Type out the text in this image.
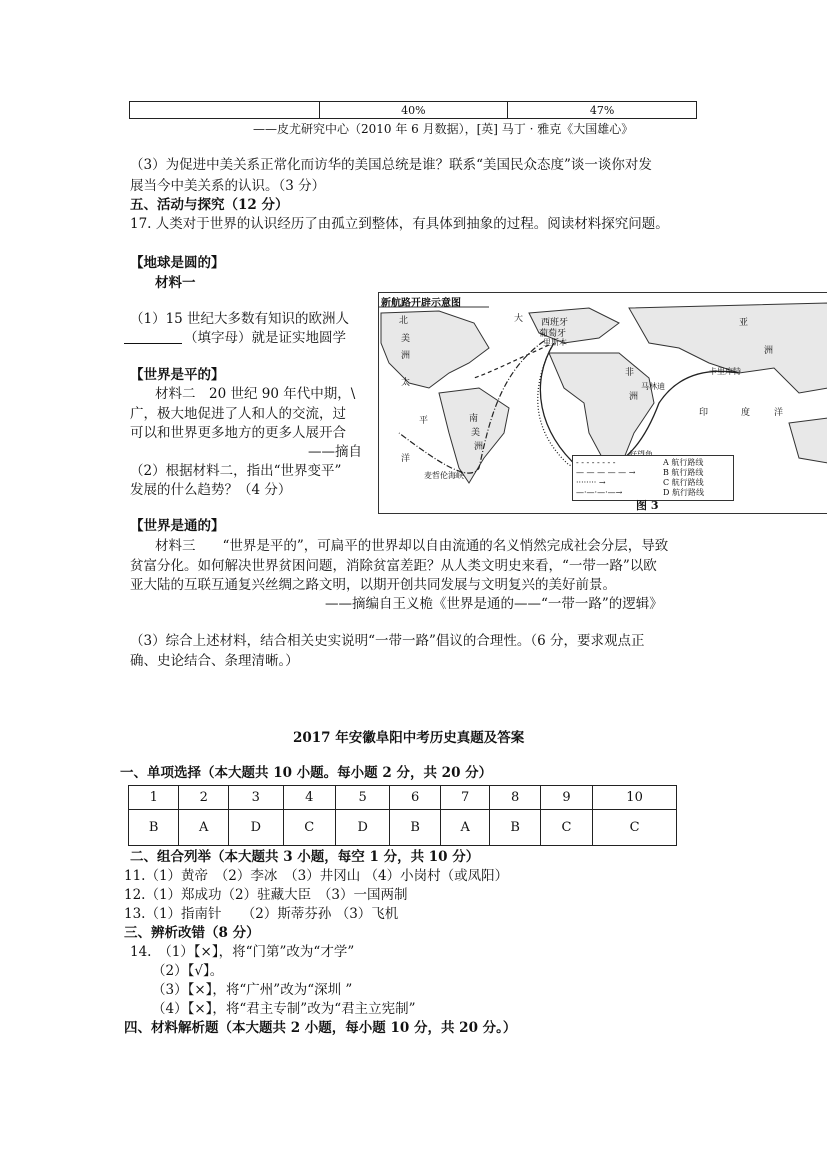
	40%	47%
——皮尤研究中心（2010 年 6 月数据），[英] 马丁 · 雅克《大国雄心》
（3）为促进中美关系正常化而访华的美国总统是谁？联系“美国民众态度”谈一谈你对发
展当今中美关系的认识。（3 分）
五、活动与探究（12 分）
17. 人类对于世界的认识经历了由孤立到整体，有具体到抽象的过程。阅读材料探究问题。
【地球是圆的】
材料一
（1）15 世纪大多数有知识的欧洲人
（填字母）就是证实地圆学
【世界是平的】
材料二　20 世纪 90 年代中期，\
广，极大地促进了人和人的交流，过
可以和世界更多地方的更多人展开合
——摘自
（2）根据材料二，指出“世界变平”
发展的什么趋势？（4 分）
新航路开辟示意图
北	大
美
洲
西班牙
葡萄牙
里斯本
非
洲
太
平
洋
南
美
洲
马林迪
麦哲伦海峡
卡里库特
印	度	洋
洲
亚
- - - - - - - -
— — — — — →
········ →
—·—·—·—→
A 航行路线
B 航行路线
C 航行路线
D 航行路线
图 3
【世界是通的】
材料三　　“世界是平的”，可扁平的世界却以自由流通的名义悄然完成社会分层，导致
贫富分化。如何解决世界贫困问题，消除贫富差距？从人类文明史来看，“一带一路”以欧
亚大陆的互联互通复兴丝绸之路文明，以期开创共同发展与文明复兴的美好前景。
——摘编自王义桅《世界是通的——“一带一路”的逻辑》
（3）综合上述材料，结合相关史实说明“一带一路”倡议的合理性。（6 分，要求观点正
确、史论结合、条理清晰。）
2017 年安徽阜阳中考历史真题及答案
一、单项选择（本大题共 10 小题。每小题 2 分，共 20 分）
1	2	3	4	5	6	7	8	9	10
B	A	D	C	D	B	A	B	C	C
二、组合列举（本大题共 3 小题，每空 1 分，共 10 分）
11.（1）黄帝　（2）李冰　（3）井冈山 （4）小岗村（或凤阳）
12.（1）郑成功（2）驻藏大臣　（3）一国两制
13.（1）指南针　　（2）斯蒂芬孙 （3）飞机
三、辨析改错（8 分）
14.　（1）【×】，将“门第”改为“才学”
（2）【√】。
（3）【×】，将“广州”改为“深圳 ”
（4）【×】，将“君主专制”改为“君主立宪制”
四、材料解析题（本大题共 2 小题，每小题 10 分，共 20 分。）
